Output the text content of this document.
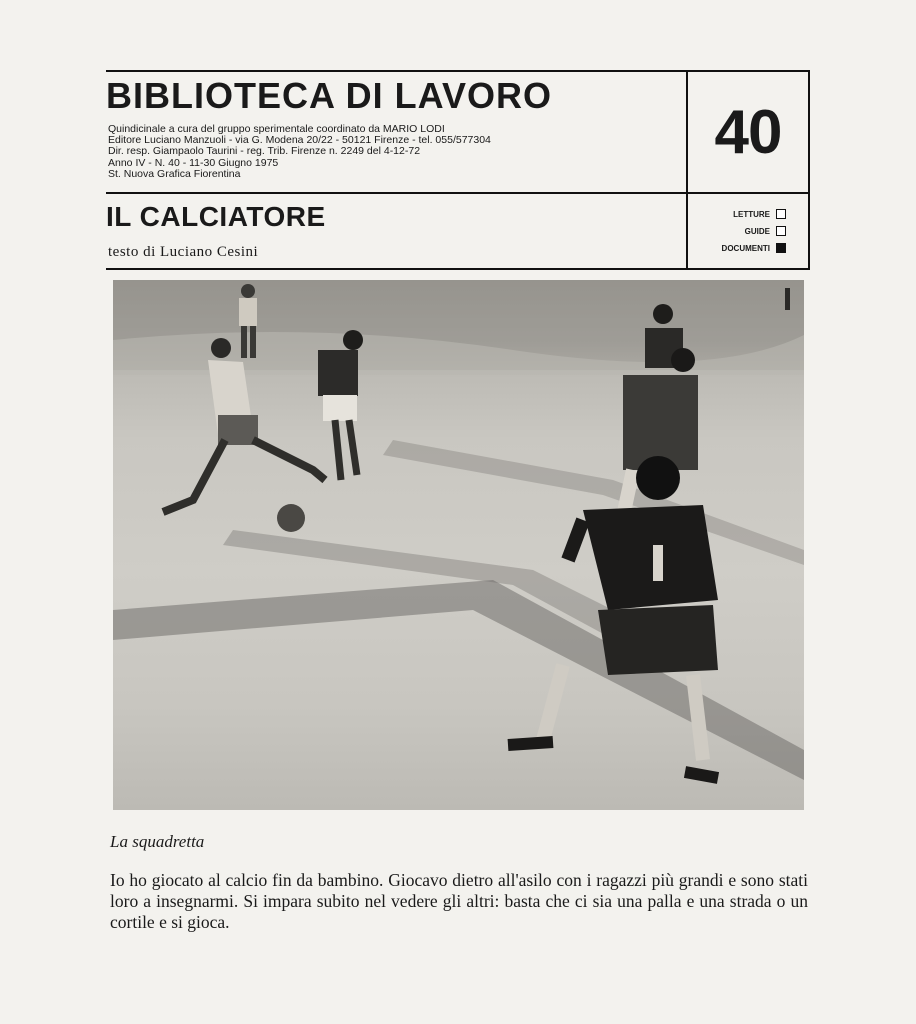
BIBLIOTECA DI LAVORO
Quindicinale a cura del gruppo sperimentale coordinato da MARIO LODI
Editore Luciano Manzuoli - via G. Modena 20/22 - 50121 Firenze - tel. 055/577304
Dir. resp. Giampaolo Taurini - reg. Trib. Firenze n. 2249 del 4-12-72
Anno IV - N. 40 - 11-30 Giugno 1975
St. Nuova Grafica Fiorentina
IL CALCIATORE
testo di Luciano Cesini
40
LETTURE
GUIDE
DOCUMENTI
La squadretta

Io ho giocato al calcio fin da bambino. Giocavo dietro all'asilo con i ragazzi più grandi e sono stati loro a insegnarmi. Si impara subito nel vedere gli altri: basta che ci sia una palla e una strada o un cortile e si gioca.
